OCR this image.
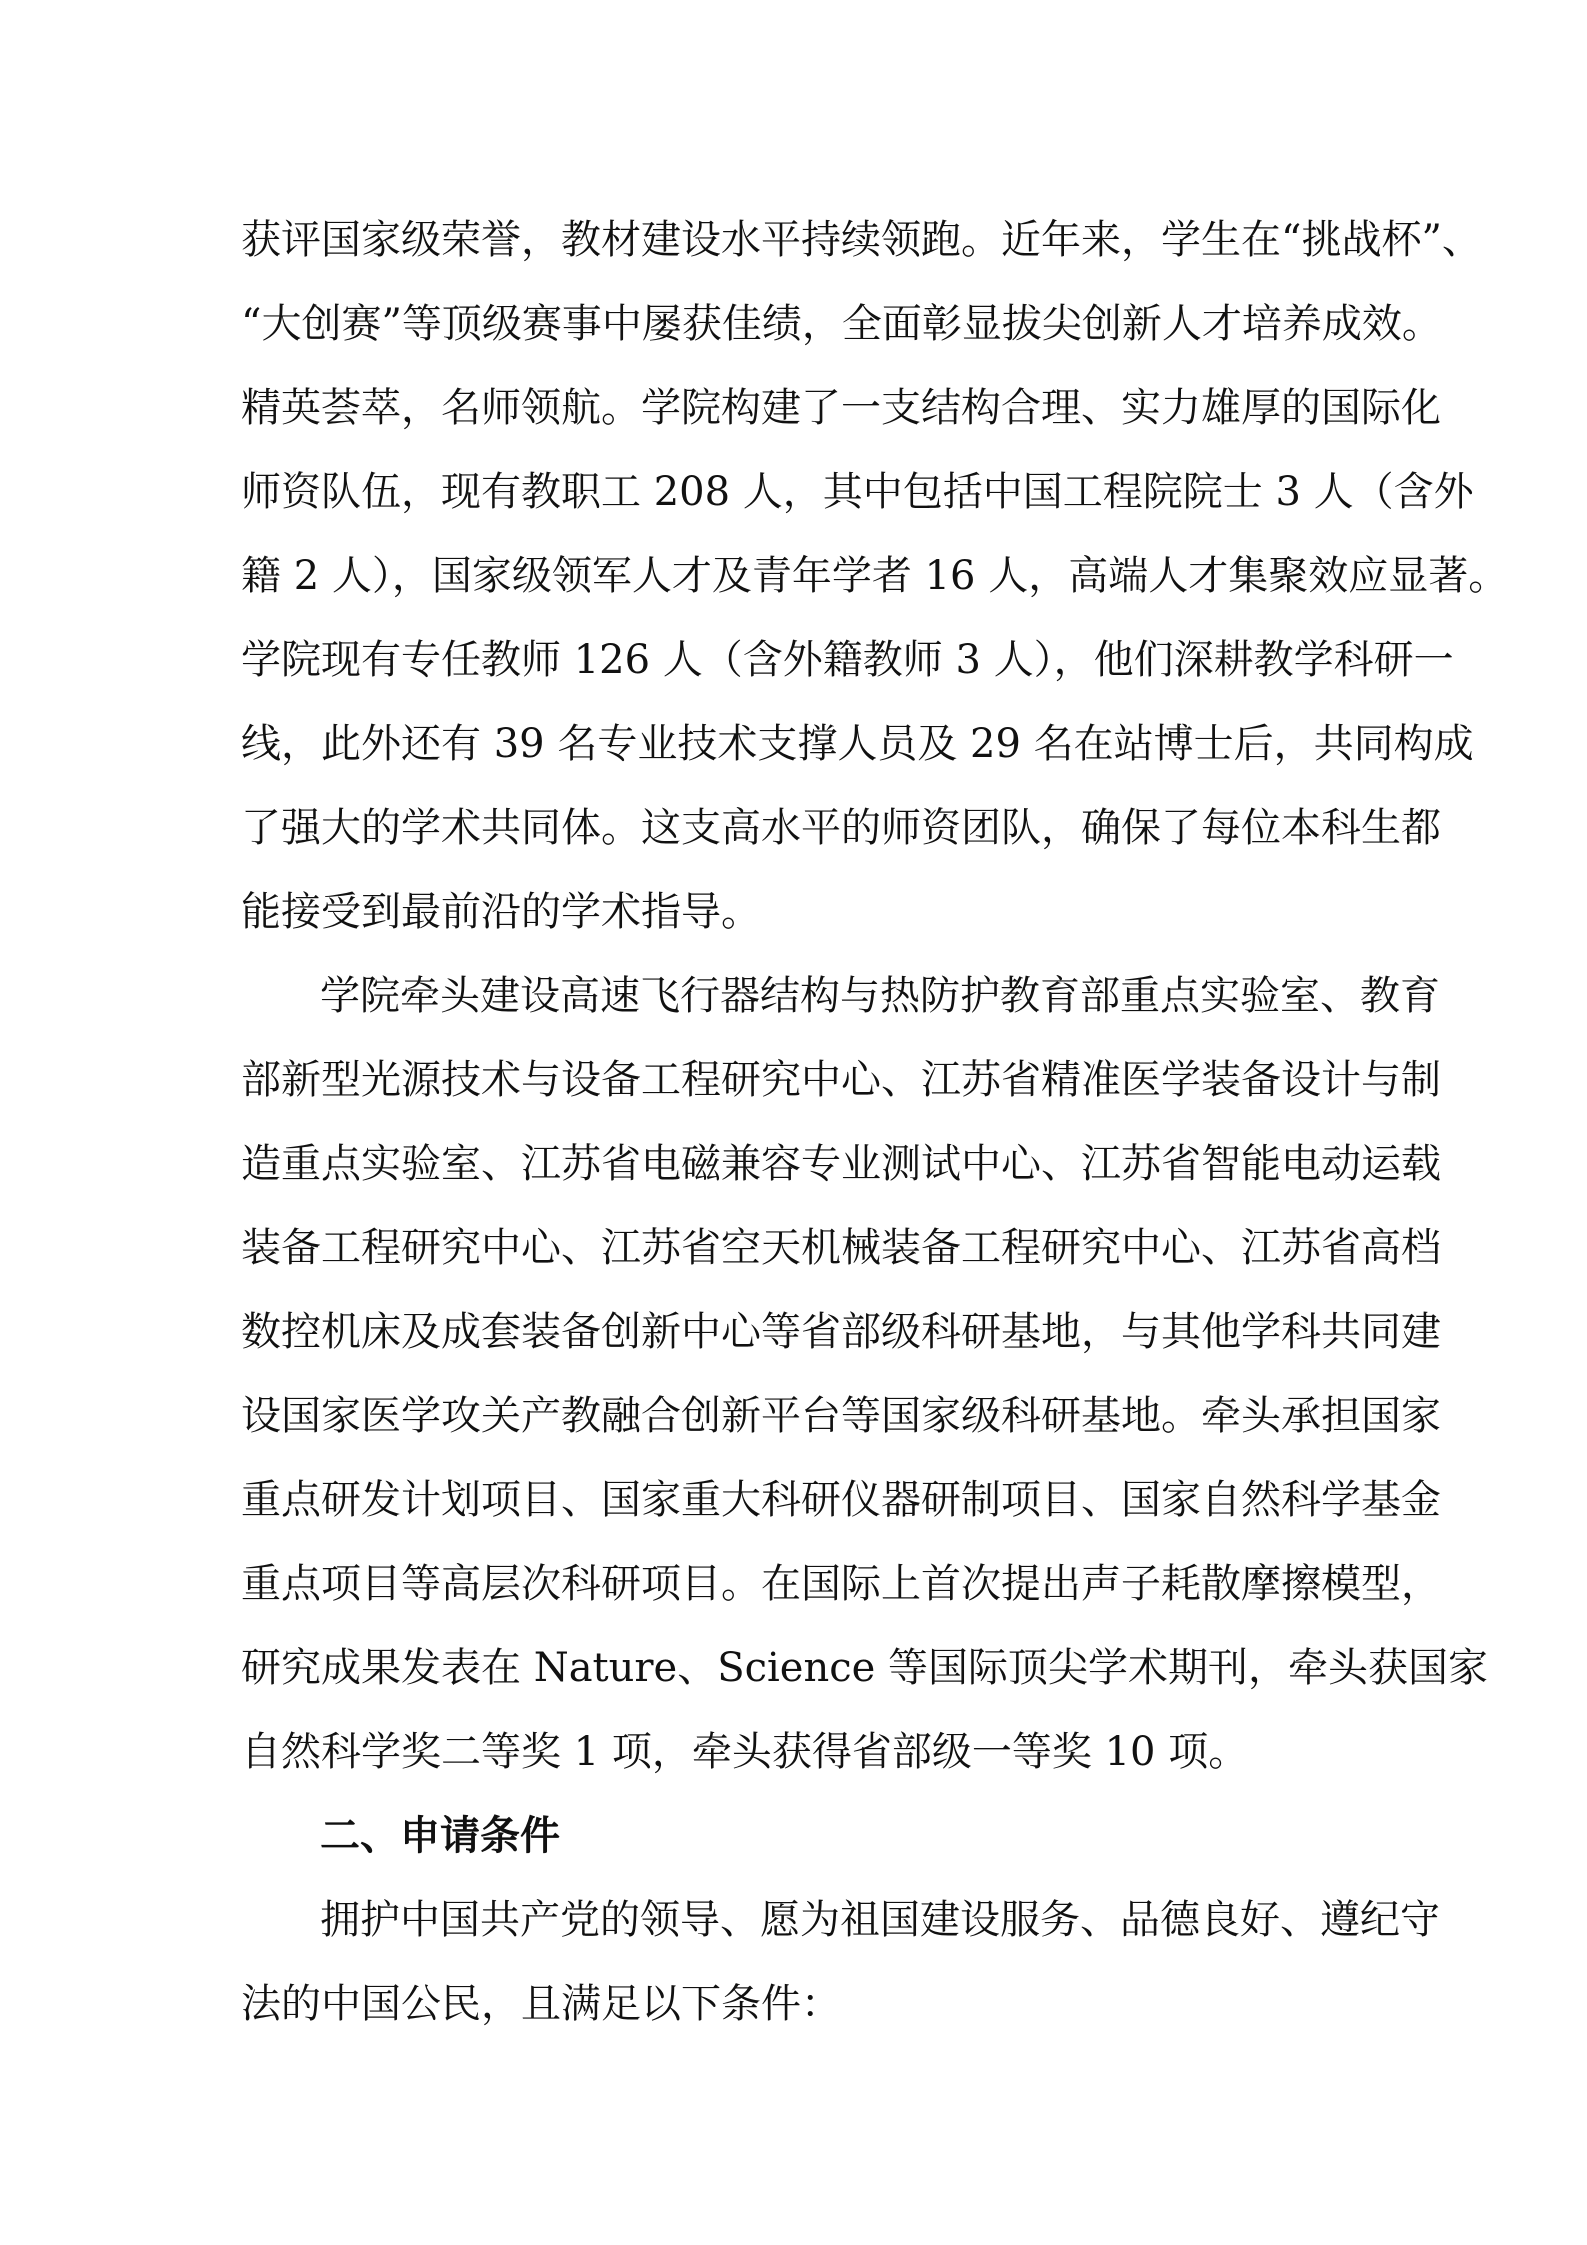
获评国家级荣誉，教材建设水平持续领跑。近年来，学生在“挑战杯”、

“大创赛”等顶级赛事中屡获佳绩，全面彰显拔尖创新人才培养成效。

精英荟萃，名师领航。学院构建了一支结构合理、实力雄厚的国际化

师资队伍，现有教职工 208 人，其中包括中国工程院院士 3 人（含外

籍 2 人），国家级领军人才及青年学者 16 人，高端人才集聚效应显著。

学院现有专任教师 126 人（含外籍教师 3 人），他们深耕教学科研一

线，此外还有 39 名专业技术支撑人员及 29 名在站博士后，共同构成

了强大的学术共同体。这支高水平的师资团队，确保了每位本科生都

能接受到最前沿的学术指导。

学院牵头建设高速飞行器结构与热防护教育部重点实验室、教育

部新型光源技术与设备工程研究中心、江苏省精准医学装备设计与制

造重点实验室、江苏省电磁兼容专业测试中心、江苏省智能电动运载

装备工程研究中心、江苏省空天机械装备工程研究中心、江苏省高档

数控机床及成套装备创新中心等省部级科研基地，与其他学科共同建

设国家医学攻关产教融合创新平台等国家级科研基地。牵头承担国家

重点研发计划项目、国家重大科研仪器研制项目、国家自然科学基金

重点项目等高层次科研项目。在国际上首次提出声子耗散摩擦模型，

研究成果发表在 Nature、Science 等国际顶尖学术期刊，牵头获国家

自然科学奖二等奖 1 项，牵头获得省部级一等奖 10 项。

二、申请条件

拥护中国共产党的领导、愿为祖国建设服务、品德良好、遵纪守

法的中国公民，且满足以下条件：
